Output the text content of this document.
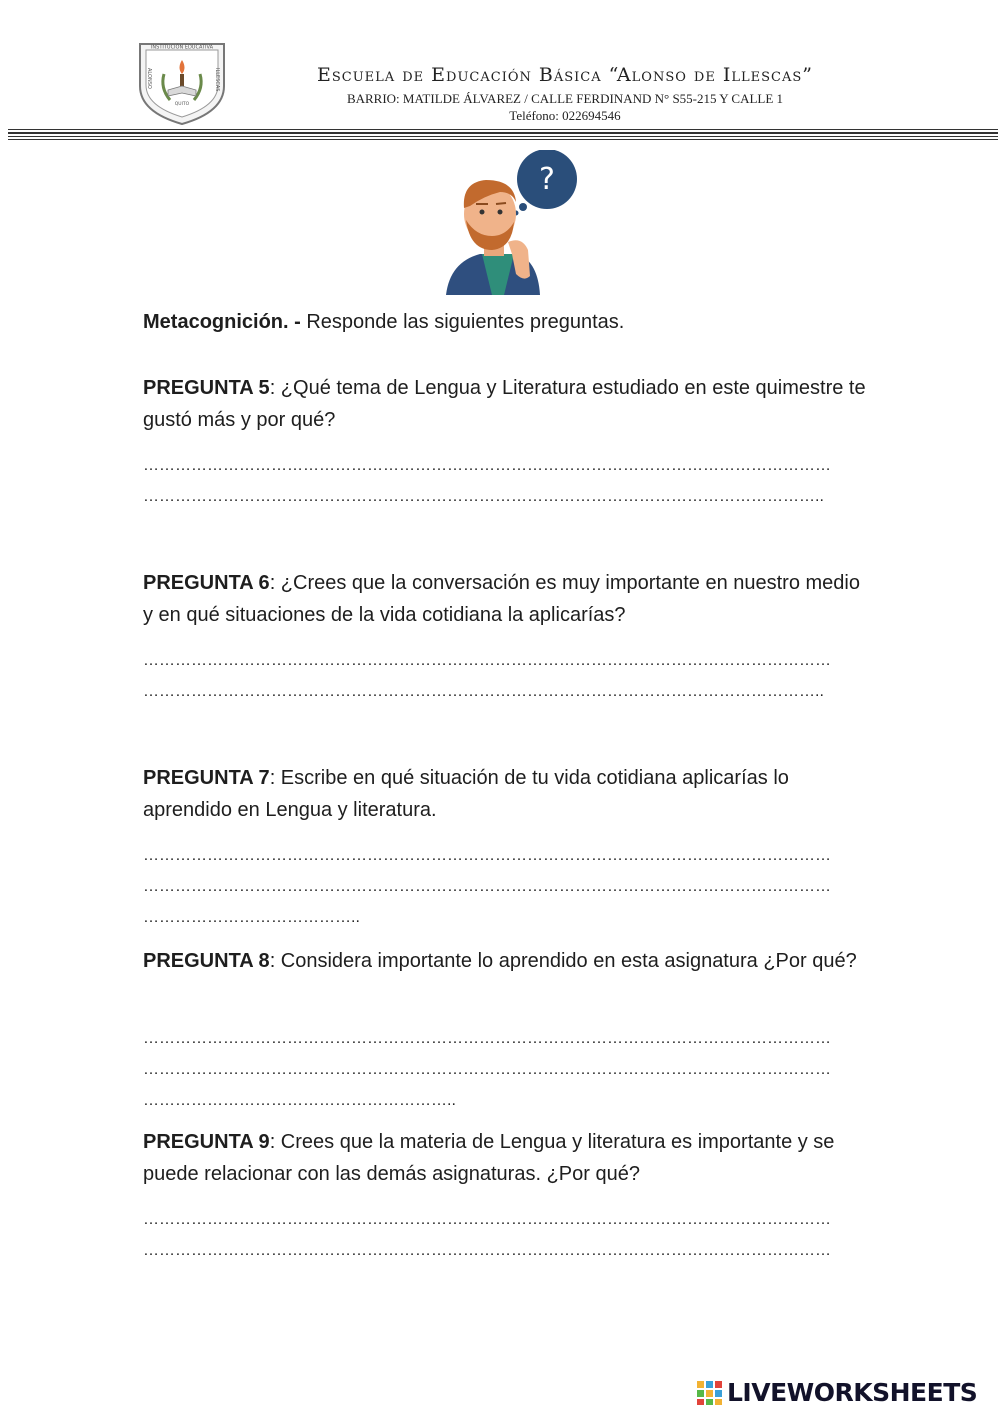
INSTITUCIÓN EDUCATIVA
ALONSO	ILLESCAS
QUITO
Escuela de Educación Básica “Alonso de Illescas”
BARRIO: MATILDE ÁLVAREZ / CALLE FERDINAND N° S55-215 Y CALLE 1
Teléfono: 022694546
?
Metacognición. - Responde las siguientes preguntas.
PREGUNTA 5: ¿Qué tema de Lengua y Literatura estudiado en este quimestre te gustó más y por qué?
…………………………………………………………………………………………………………………
………………………………………………………………………………………………………………..
PREGUNTA 6: ¿Crees que la conversación es muy importante en nuestro medio y en qué situaciones de la vida cotidiana la aplicarías?
…………………………………………………………………………………………………………………
………………………………………………………………………………………………………………..
PREGUNTA 7: Escribe en qué situación de tu vida cotidiana aplicarías lo aprendido en Lengua y literatura.
…………………………………………………………………………………………………………………
…………………………………………………………………………………………………………………
…………………………………..
PREGUNTA 8: Considera importante lo aprendido en esta asignatura ¿Por qué?
…………………………………………………………………………………………………………………
…………………………………………………………………………………………………………………
…………………………………………………..
PREGUNTA 9: Crees que la materia de Lengua y literatura es importante y se puede relacionar con las demás asignaturas. ¿Por qué?
…………………………………………………………………………………………………………………
…………………………………………………………………………………………………………………
LIVEWORKSHEETS
